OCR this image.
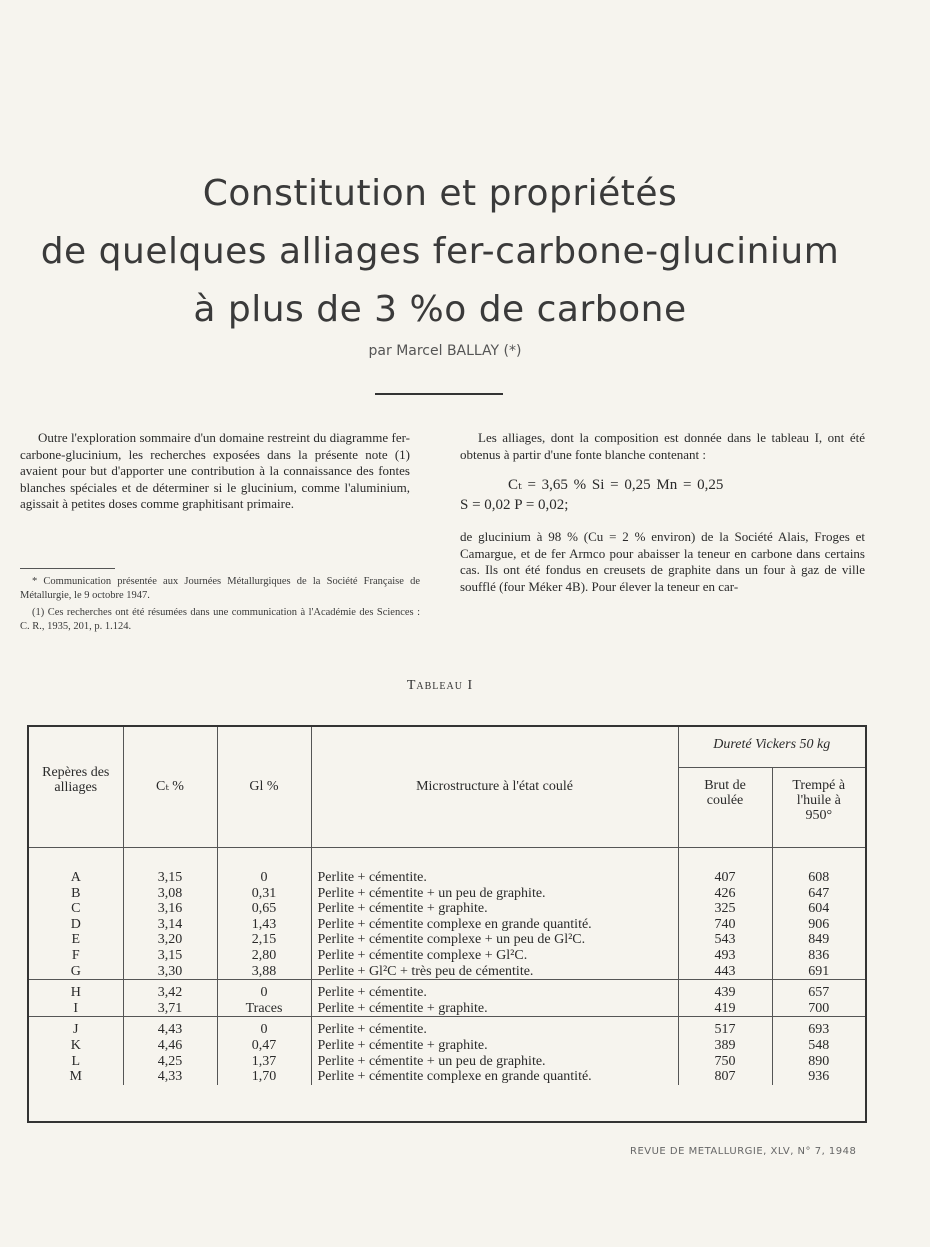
Constitution et propriétés
de quelques alliages fer-carbone-glucinium
à plus de 3 %o de carbone
par Marcel BALLAY (*)

Outre l'exploration sommaire d'un domaine restreint du diagramme fer-carbone-glucinium, les recherches exposées dans la présente note (1) avaient pour but d'apporter une contribution à la connaissance des fontes blanches spéciales et de déterminer si le glucinium, comme l'aluminium, agissait à petites doses comme graphitisant primaire.

* Communication présentée aux Journées Métallurgiques de la Société Française de Métallurgie, le 9 octobre 1947.

(1) Ces recherches ont été résumées dans une communication à l'Académie des Sciences : C. R., 1935, 201, p. 1.124.

Les alliages, dont la composition est donnée dans le tableau I, ont été obtenus à partir d'une fonte blanche contenant :

Cₜ = 3,65 % Si = 0,25 Mn = 0,25
S = 0,02 P = 0,02;

de glucinium à 98 % (Cu = 2 % environ) de la Société Alais, Froges et Camargue, et de fer Armco pour abaisser la teneur en carbone dans certains cas. Ils ont été fondus en creusets de graphite dans un four à gaz de ville soufflé (four Méker 4B). Pour élever la teneur en car-

Tableau I
Repères des alliages	Cₜ %	Gl %	Microstructure à l'état coulé	Dureté Vickers 50 kg	
				Brut de coulée	Trempé à l'huile à 950°
A	3,15	0	Perlite + cémentite.	407	608
B	3,08	0,31	Perlite + cémentite + un peu de graphite.	426	647
C	3,16	0,65	Perlite + cémentite + graphite.	325	604
D	3,14	1,43	Perlite + cémentite complexe en grande quantité.	740	906
E	3,20	2,15	Perlite + cémentite complexe + un peu de Gl²C.	543	849
F	3,15	2,80	Perlite + cémentite complexe + Gl²C.	493	836
G	3,30	3,88	Perlite + Gl²C + très peu de cémentite.	443	691
H	3,42	0	Perlite + cémentite.	439	657
I	3,71	Traces	Perlite + cémentite + graphite.	419	700
J	4,43	0	Perlite + cémentite.	517	693
K	4,46	0,47	Perlite + cémentite + graphite.	389	548
L	4,25	1,37	Perlite + cémentite + un peu de graphite.	750	890
M	4,33	1,70	Perlite + cémentite complexe en grande quantité.	807	936
REVUE DE METALLURGIE, XLV, N° 7, 1948
